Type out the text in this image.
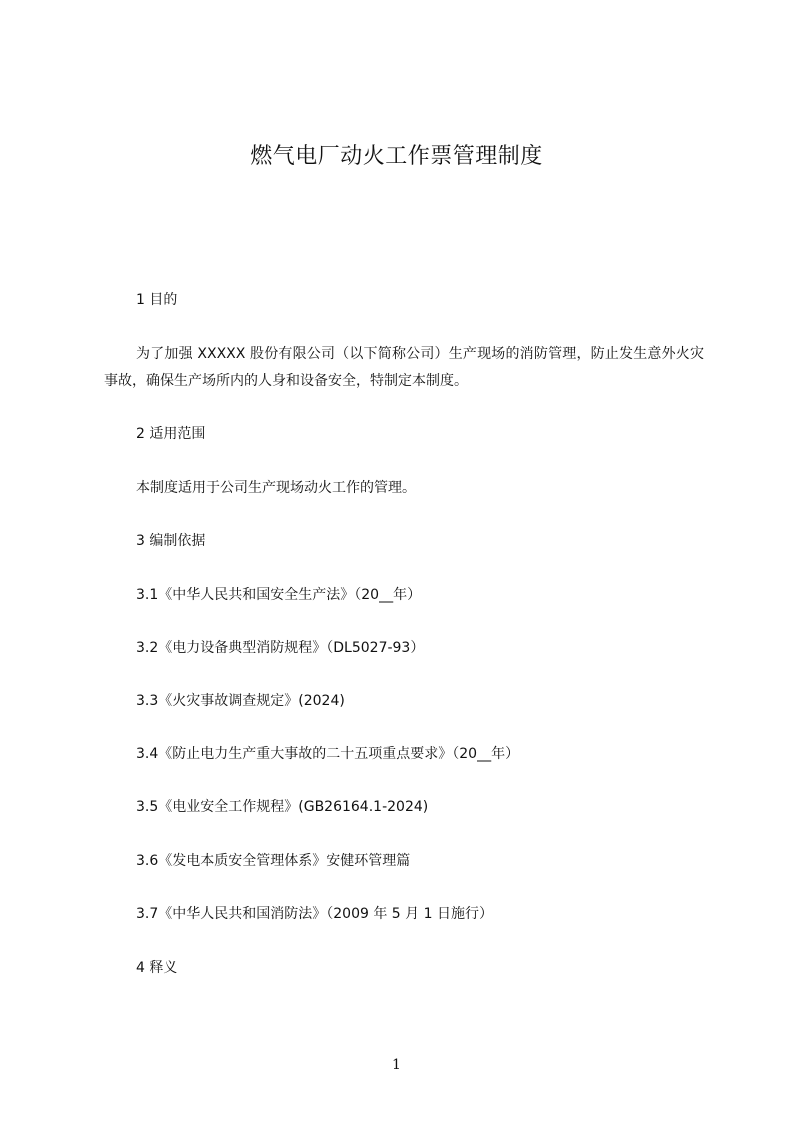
燃气电厂动火工作票管理制度
1 目的
为了加强 XXXXX 股份有限公司（以下简称公司）生产现场的消防管理，防止发生意外火灾事故，确保生产场所内的人身和设备安全，特制定本制度。
2 适用范围
本制度适用于公司生产现场动火工作的管理。
3 编制依据
3.1《中华人民共和国安全生产法》（20__年）
3.2《电力设备典型消防规程》（DL5027-93）
3.3《火灾事故调查规定》(2024)
3.4《防止电力生产重大事故的二十五项重点要求》（20__年）
3.5《电业安全工作规程》(GB26164.1-2024)
3.6《发电本质安全管理体系》安健环管理篇
3.7《中华人民共和国消防法》（2009 年 5 月 1 日施行）
4 释义
1
